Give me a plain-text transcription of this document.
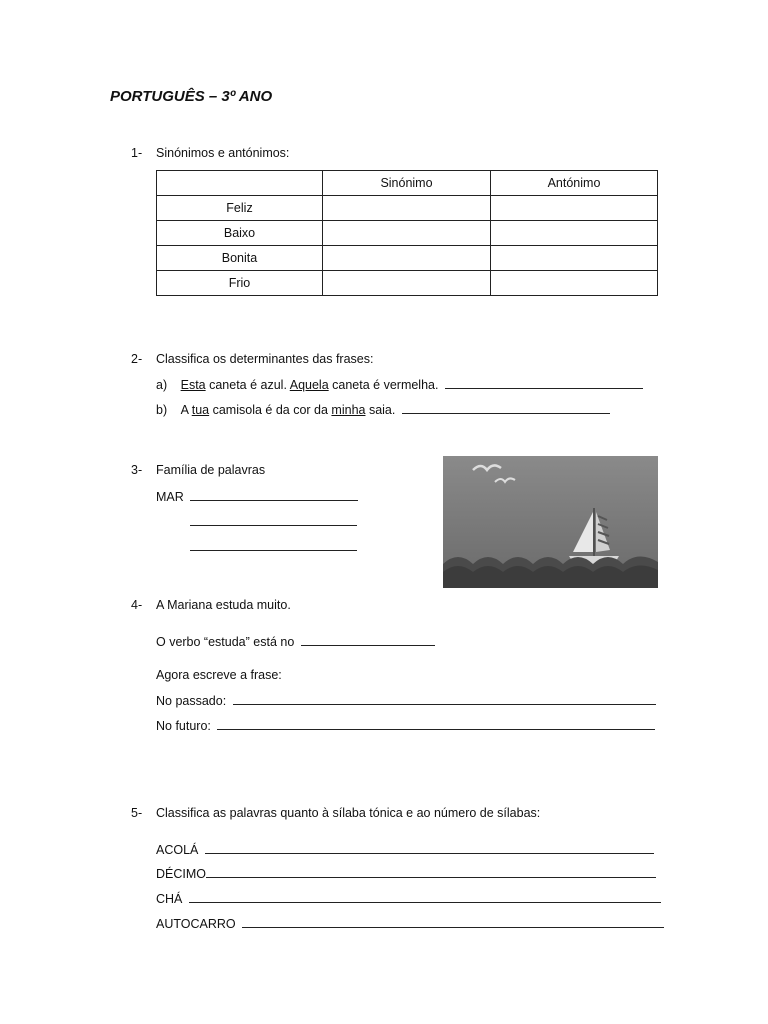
PORTUGUÊS – 3º ANO
1- Sinónimos e antónimos:
	Sinónimo	Antónimo
Feliz		
Baixo		
Bonita		
Frio		
2- Classifica os determinantes das frases:
a) Esta caneta é azul. Aquela caneta é vermelha.
b) A tua camisola é da cor da minha saia.
3- Família de palavras
MAR
4- A Mariana estuda muito.
O verbo “estuda” está no
Agora escreve a frase:
No passado:
No futuro:
5- Classifica as palavras quanto à sílaba tónica e ao número de sílabas:
ACOLÁ
DÉCIMO
CHÁ
AUTOCARRO
